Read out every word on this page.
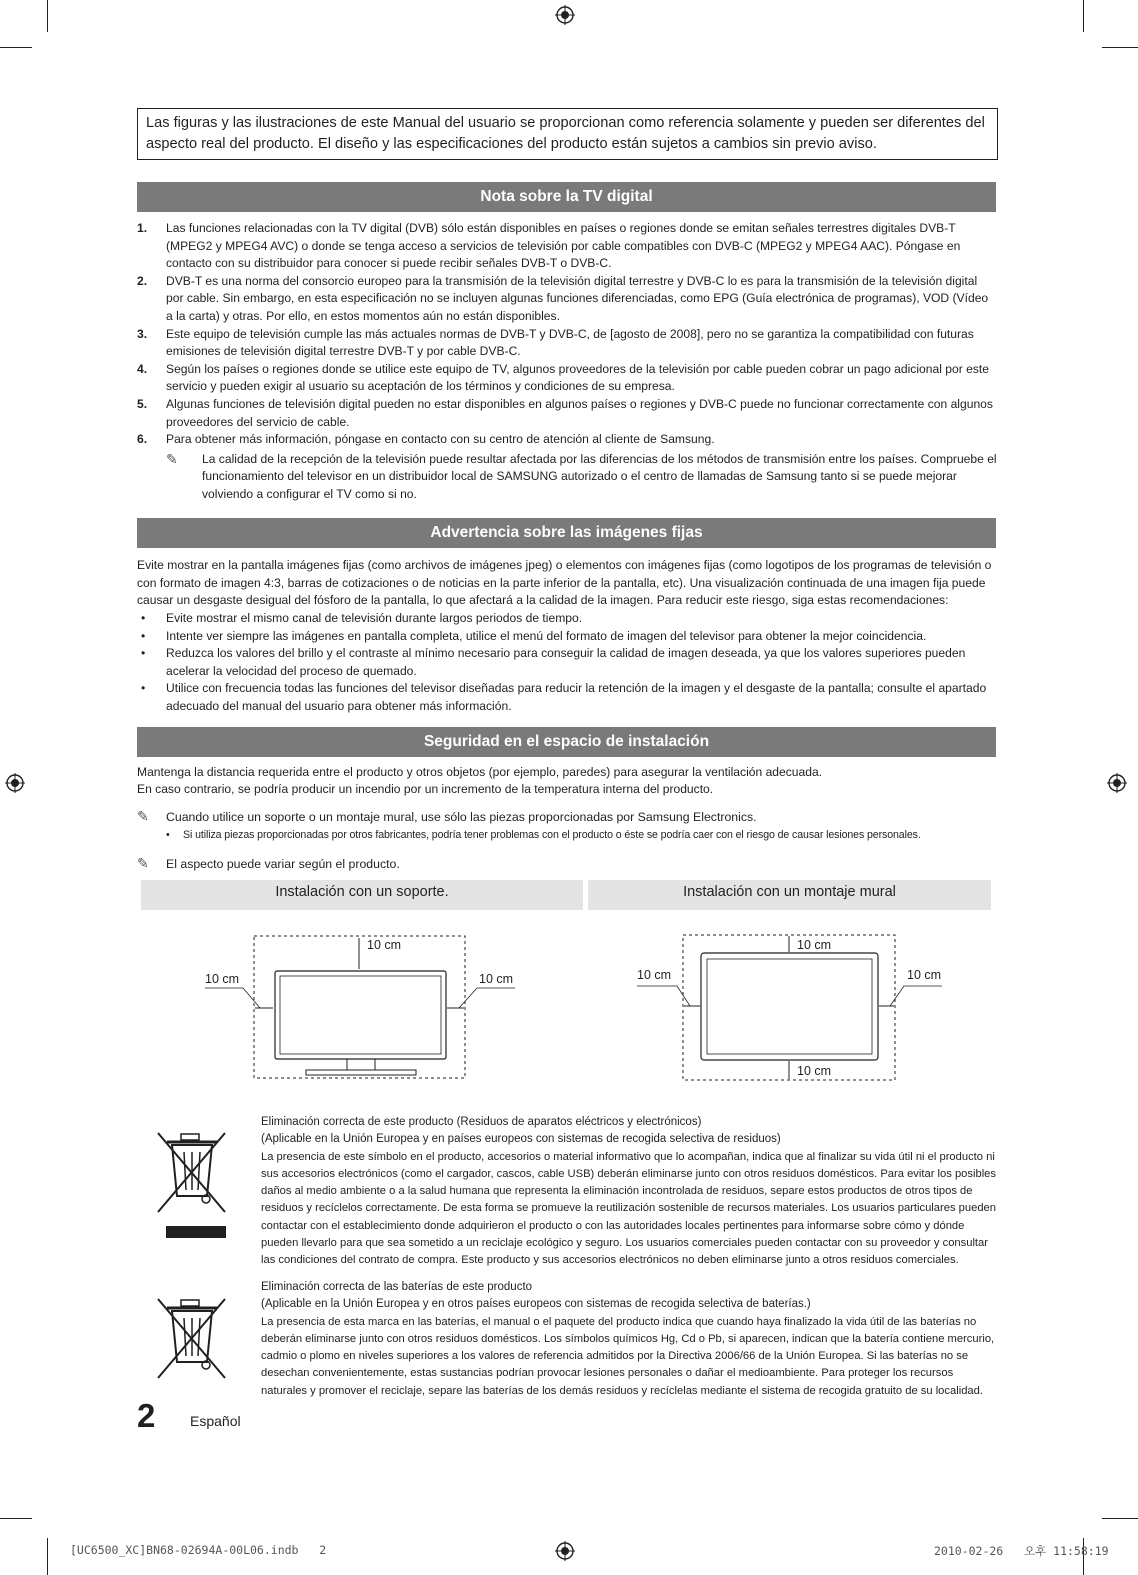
Las figuras y las ilustraciones de este Manual del usuario se proporcionan como referencia solamente y pueden ser diferentes del aspecto real del producto. El diseño y las especificaciones del producto están sujetos a cambios sin previo aviso.
Nota sobre la TV digital
1. Las funciones relacionadas con la TV digital (DVB) sólo están disponibles en países o regiones donde se emitan señales terrestres digitales DVB-T (MPEG2 y MPEG4 AVC) o donde se tenga acceso a servicios de televisión por cable compatibles con DVB-C (MPEG2 y MPEG4 AAC). Póngase en contacto con su distribuidor para conocer si puede recibir señales DVB-T o DVB-C.
2. DVB-T es una norma del consorcio europeo para la transmisión de la televisión digital terrestre y DVB-C lo es para la transmisión de la televisión digital por cable. Sin embargo, en esta especificación no se incluyen algunas funciones diferenciadas, como EPG (Guía electrónica de programas), VOD (Vídeo a la carta) y otras. Por ello, en estos momentos aún no están disponibles.
3. Este equipo de televisión cumple las más actuales normas de DVB-T y DVB-C, de [agosto de 2008], pero no se garantiza la compatibilidad con futuras emisiones de televisión digital terrestre DVB-T y por cable DVB-C.
4. Según los países o regiones donde se utilice este equipo de TV, algunos proveedores de la televisión por cable pueden cobrar un pago adicional por este servicio y pueden exigir al usuario su aceptación de los términos y condiciones de su empresa.
5. Algunas funciones de televisión digital pueden no estar disponibles en algunos países o regiones y DVB-C puede no funcionar correctamente con algunos proveedores del servicio de cable.
6. Para obtener más información, póngase en contacto con su centro de atención al cliente de Samsung.
✎ La calidad de la recepción de la televisión puede resultar afectada por las diferencias de los métodos de transmisión entre los países. Compruebe el funcionamiento del televisor en un distribuidor local de SAMSUNG autorizado o el centro de llamadas de Samsung tanto si se puede mejorar volviendo a configurar el TV como si no.
Advertencia sobre las imágenes fijas
Evite mostrar en la pantalla imágenes fijas (como archivos de imágenes jpeg) o elementos con imágenes fijas (como logotipos de los programas de televisión o con formato de imagen 4:3, barras de cotizaciones o de noticias en la parte inferior de la pantalla, etc). Una visualización continuada de una imagen fija puede causar un desgaste desigual del fósforo de la pantalla, lo que afectará a la calidad de la imagen. Para reducir este riesgo, siga estas recomendaciones:
• Evite mostrar el mismo canal de televisión durante largos periodos de tiempo.
• Intente ver siempre las imágenes en pantalla completa, utilice el menú del formato de imagen del televisor para obtener la mejor coincidencia.
• Reduzca los valores del brillo y el contraste al mínimo necesario para conseguir la calidad de imagen deseada, ya que los valores superiores pueden acelerar la velocidad del proceso de quemado.
• Utilice con frecuencia todas las funciones del televisor diseñadas para reducir la retención de la imagen y el desgaste de la pantalla; consulte el apartado adecuado del manual del usuario para obtener más información.
Seguridad en el espacio de instalación
Mantenga la distancia requerida entre el producto y otros objetos (por ejemplo, paredes) para asegurar la ventilación adecuada.
En caso contrario, se podría producir un incendio por un incremento de la temperatura interna del producto.
✎ Cuando utilice un soporte o un montaje mural, use sólo las piezas proporcionadas por Samsung Electronics.
• Si utiliza piezas proporcionadas por otros fabricantes, podría tener problemas con el producto o éste se podría caer con el riesgo de causar lesiones personales.
✎ El aspecto puede variar según el producto.
Instalación con un soporte.	Instalación con un montaje mural
10 cm
10 cm	10 cm
10 cm
10 cm
10 cm	10 cm
Eliminación correcta de este producto (Residuos de aparatos eléctricos y electrónicos)
(Aplicable en la Unión Europea y en países europeos con sistemas de recogida selectiva de residuos)
La presencia de este símbolo en el producto, accesorios o material informativo que lo acompañan, indica que al finalizar su vida útil ni el producto ni sus accesorios electrónicos (como el cargador, cascos, cable USB) deberán eliminarse junto con otros residuos domésticos. Para evitar los posibles daños al medio ambiente o a la salud humana que representa la eliminación incontrolada de residuos, separe estos productos de otros tipos de residuos y recíclelos correctamente. De esta forma se promueve la reutilización sostenible de recursos materiales. Los usuarios particulares pueden contactar con el establecimiento donde adquirieron el producto o con las autoridades locales pertinentes para informarse sobre cómo y dónde pueden llevarlo para que sea sometido a un reciclaje ecológico y seguro. Los usuarios comerciales pueden contactar con su proveedor y consultar las condiciones del contrato de compra. Este producto y sus accesorios electrónicos no deben eliminarse junto a otros residuos comerciales.
Eliminación correcta de las baterías de este producto
(Aplicable en la Unión Europea y en otros países europeos con sistemas de recogida selectiva de baterías.)
La presencia de esta marca en las baterías, el manual o el paquete del producto indica que cuando haya finalizado la vida útil de las baterías no deberán eliminarse junto con otros residuos domésticos. Los símbolos químicos Hg, Cd o Pb, si aparecen, indican que la batería contiene mercurio, cadmio o plomo en niveles superiores a los valores de referencia admitidos por la Directiva 2006/66 de la Unión Europea. Si las baterías no se desechan convenientemente, estas sustancias podrían provocar lesiones personales o dañar el medioambiente. Para proteger los recursos naturales y promover el reciclaje, separe las baterías de los demás residuos y recíclelas mediante el sistema de recogida gratuito de su localidad.
2 Español
[UC6500_XC]BN68-02694A-00L06.indb   2	2010-02-26   오후 11:58:19
